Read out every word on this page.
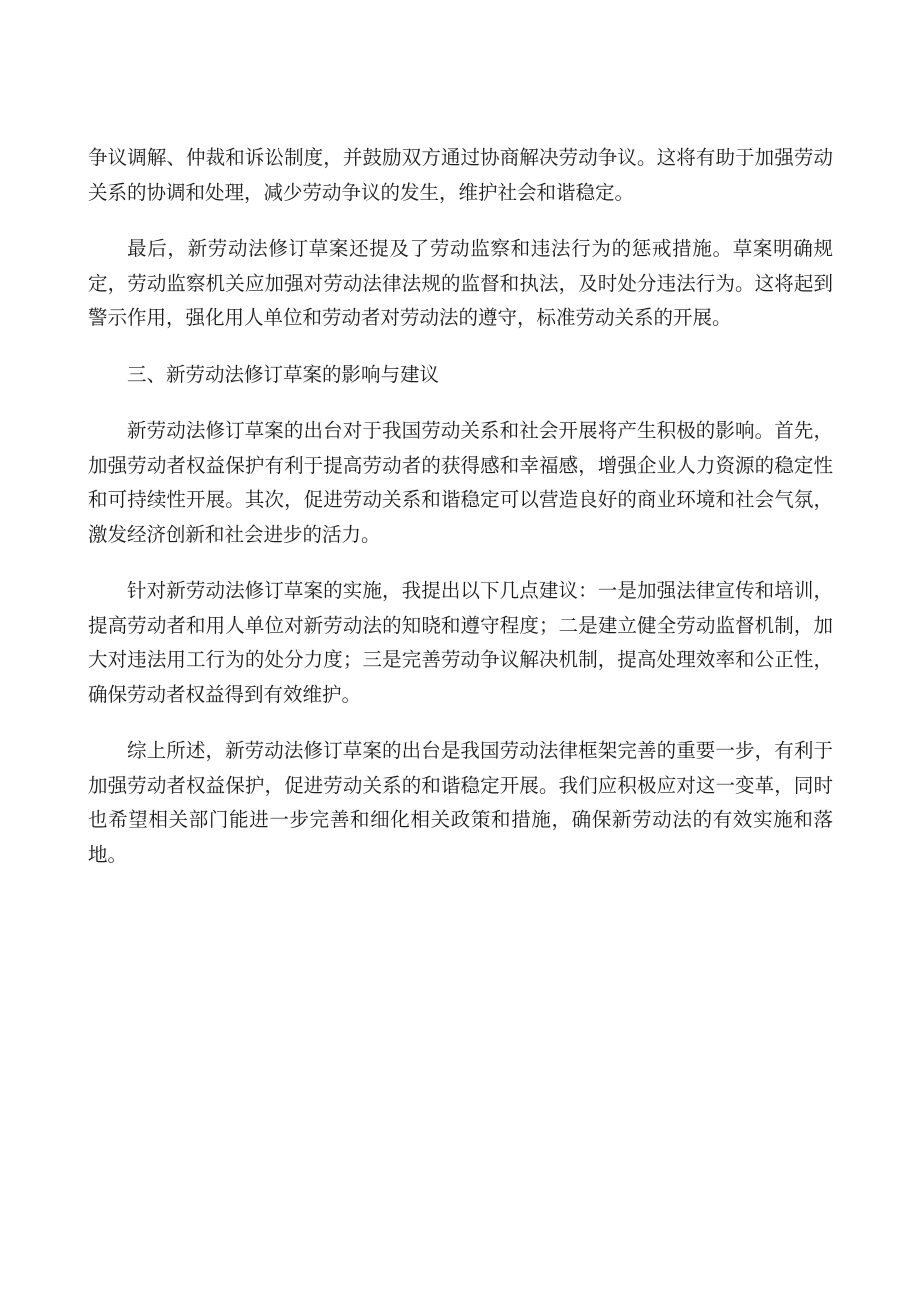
争议调解、仲裁和诉讼制度，并鼓励双方通过协商解决劳动争议。这将有助于加强劳动关系的协调和处理，减少劳动争议的发生，维护社会和谐稳定。

最后，新劳动法修订草案还提及了劳动监察和违法行为的惩戒措施。草案明确规定，劳动监察机关应加强对劳动法律法规的监督和执法，及时处分违法行为。这将起到警示作用，强化用人单位和劳动者对劳动法的遵守，标准劳动关系的开展。

三、新劳动法修订草案的影响与建议

新劳动法修订草案的出台对于我国劳动关系和社会开展将产生积极的影响。首先，加强劳动者权益保护有利于提高劳动者的获得感和幸福感，增强企业人力资源的稳定性和可持续性开展。其次，促进劳动关系和谐稳定可以营造良好的商业环境和社会气氛，激发经济创新和社会进步的活力。

针对新劳动法修订草案的实施，我提出以下几点建议：一是加强法律宣传和培训，提高劳动者和用人单位对新劳动法的知晓和遵守程度；二是建立健全劳动监督机制，加大对违法用工行为的处分力度；三是完善劳动争议解决机制，提高处理效率和公正性，确保劳动者权益得到有效维护。

综上所述，新劳动法修订草案的出台是我国劳动法律框架完善的重要一步，有利于加强劳动者权益保护，促进劳动关系的和谐稳定开展。我们应积极应对这一变革，同时也希望相关部门能进一步完善和细化相关政策和措施，确保新劳动法的有效实施和落地。
